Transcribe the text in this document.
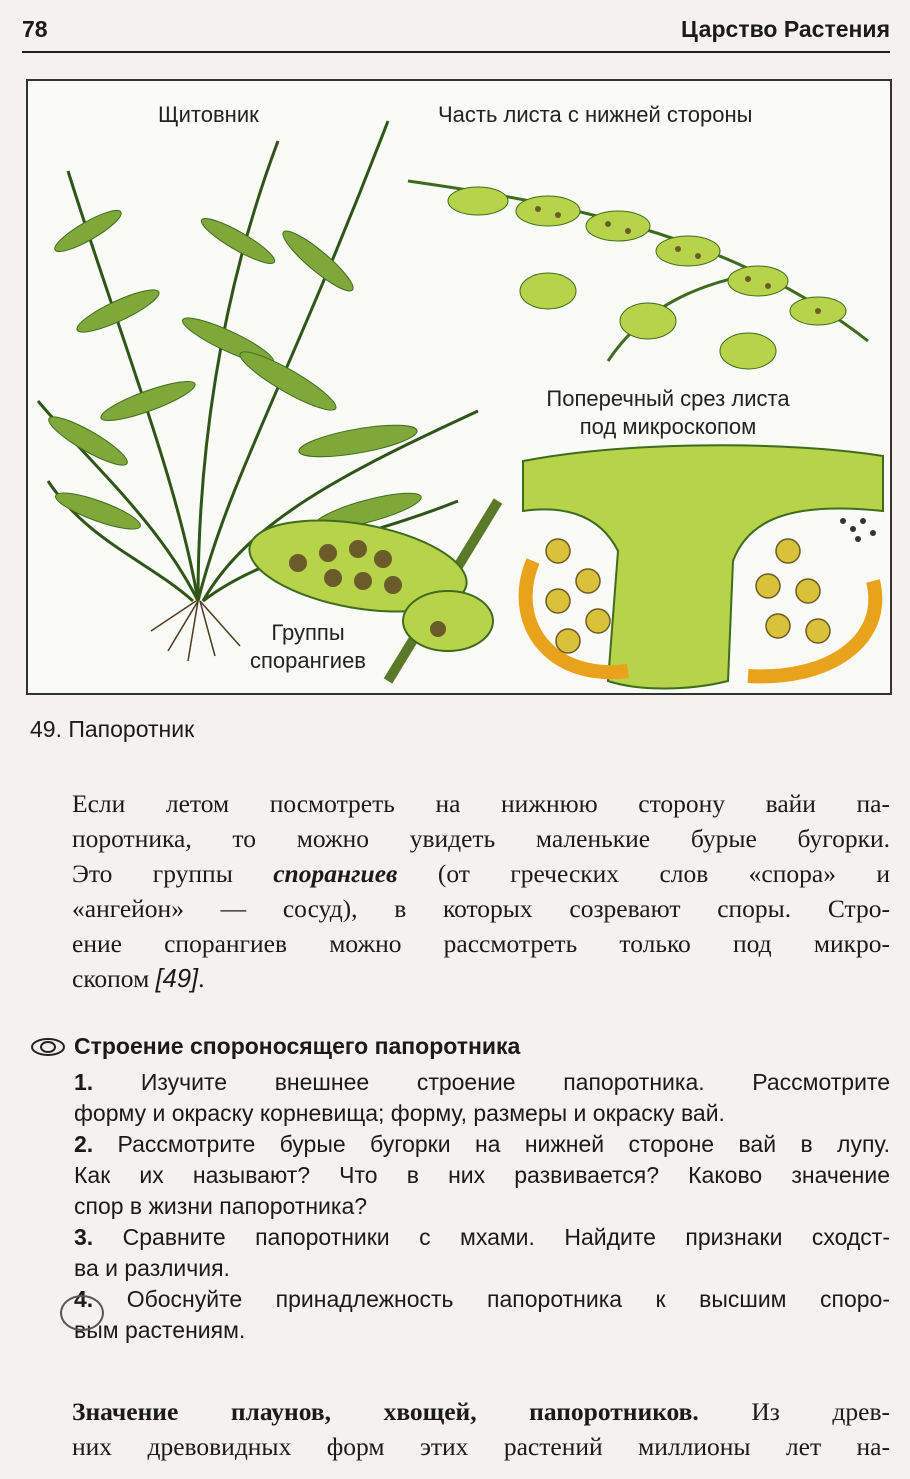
78	Царство Растения
Щитовник	Часть листа с нижней стороны
Поперечный срез листа
под микроскопом
Группы
спорангиев
49. Папоротник
Если летом посмотреть на нижнюю сторону вайи па-
поротника, то можно увидеть маленькие бурые бугорки.
Это группы спорангиев (от греческих слов «спора» и
«ангейон» — сосуд), в которых созревают споры. Стро-
ение спорангиев можно рассмотреть только под микро-
скопом [49].
Строение спороносящего папоротника
1. Изучите внешнее строение папоротника. Рассмотрите
форму и окраску корневища; форму, размеры и окраску вай.
2. Рассмотрите бурые бугорки на нижней стороне вай в лупу.
Как их называют? Что в них развивается? Каково значение
спор в жизни папоротника?
3. Сравните папоротники с мхами. Найдите признаки сходст-
ва и различия.
4. Обоснуйте принадлежность папоротника к высшим споро-
вым растениям.
Значение плаунов, хвощей, папоротников. Из древ-
них древовидных форм этих растений миллионы лет на-
